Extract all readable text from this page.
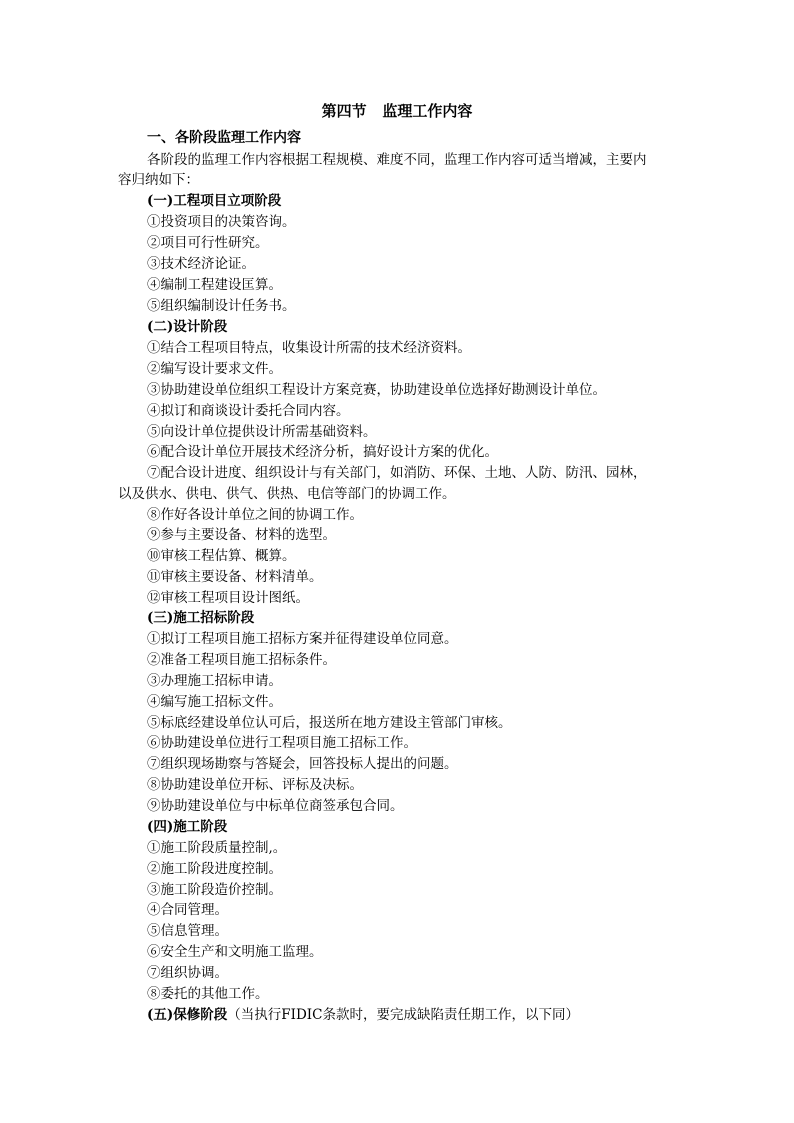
第四节   监理工作内容
一、各阶段监理工作内容
各阶段的监理工作内容根据工程规模、难度不同，监理工作内容可适当增减，主要内
容归纳如下：
(一)工程项目立项阶段
①投资项目的决策咨询。
②项目可行性研究。
③技术经济论证。
④编制工程建设匡算。
⑤组织编制设计任务书。
(二)设计阶段
①结合工程项目特点，收集设计所需的技术经济资料。
②编写设计要求文件。
③协助建设单位组织工程设计方案竞赛，协助建设单位选择好勘测设计单位。
④拟订和商谈设计委托合同内容。
⑤向设计单位提供设计所需基础资料。
⑥配合设计单位开展技术经济分析，搞好设计方案的优化。
⑦配合设计进度、组织设计与有关部门，如消防、环保、土地、人防、防汛、园林，
以及供水、供电、供气、供热、电信等部门的协调工作。
⑧作好各设计单位之间的协调工作。
⑨参与主要设备、材料的选型。
⑩审核工程估算、概算。
⑪审核主要设备、材料清单。
⑫审核工程项目设计图纸。
(三)施工招标阶段
①拟订工程项目施工招标方案并征得建设单位同意。
②准备工程项目施工招标条件。
③办理施工招标申请。
④编写施工招标文件。
⑤标底经建设单位认可后，报送所在地方建设主管部门审核。
⑥协助建设单位进行工程项目施工招标工作。
⑦组织现场勘察与答疑会，回答投标人提出的问题。
⑧协助建设单位开标、评标及决标。
⑨协助建设单位与中标单位商签承包合同。
(四)施工阶段
①施工阶段质量控制,。
②施工阶段进度控制。
③施工阶段造价控制。
④合同管理。
⑤信息管理。
⑥安全生产和文明施工监理。
⑦组织协调。
⑧委托的其他工作。
(五)保修阶段（当执行FIDIC条款时，要完成缺陷责任期工作，以下同）
